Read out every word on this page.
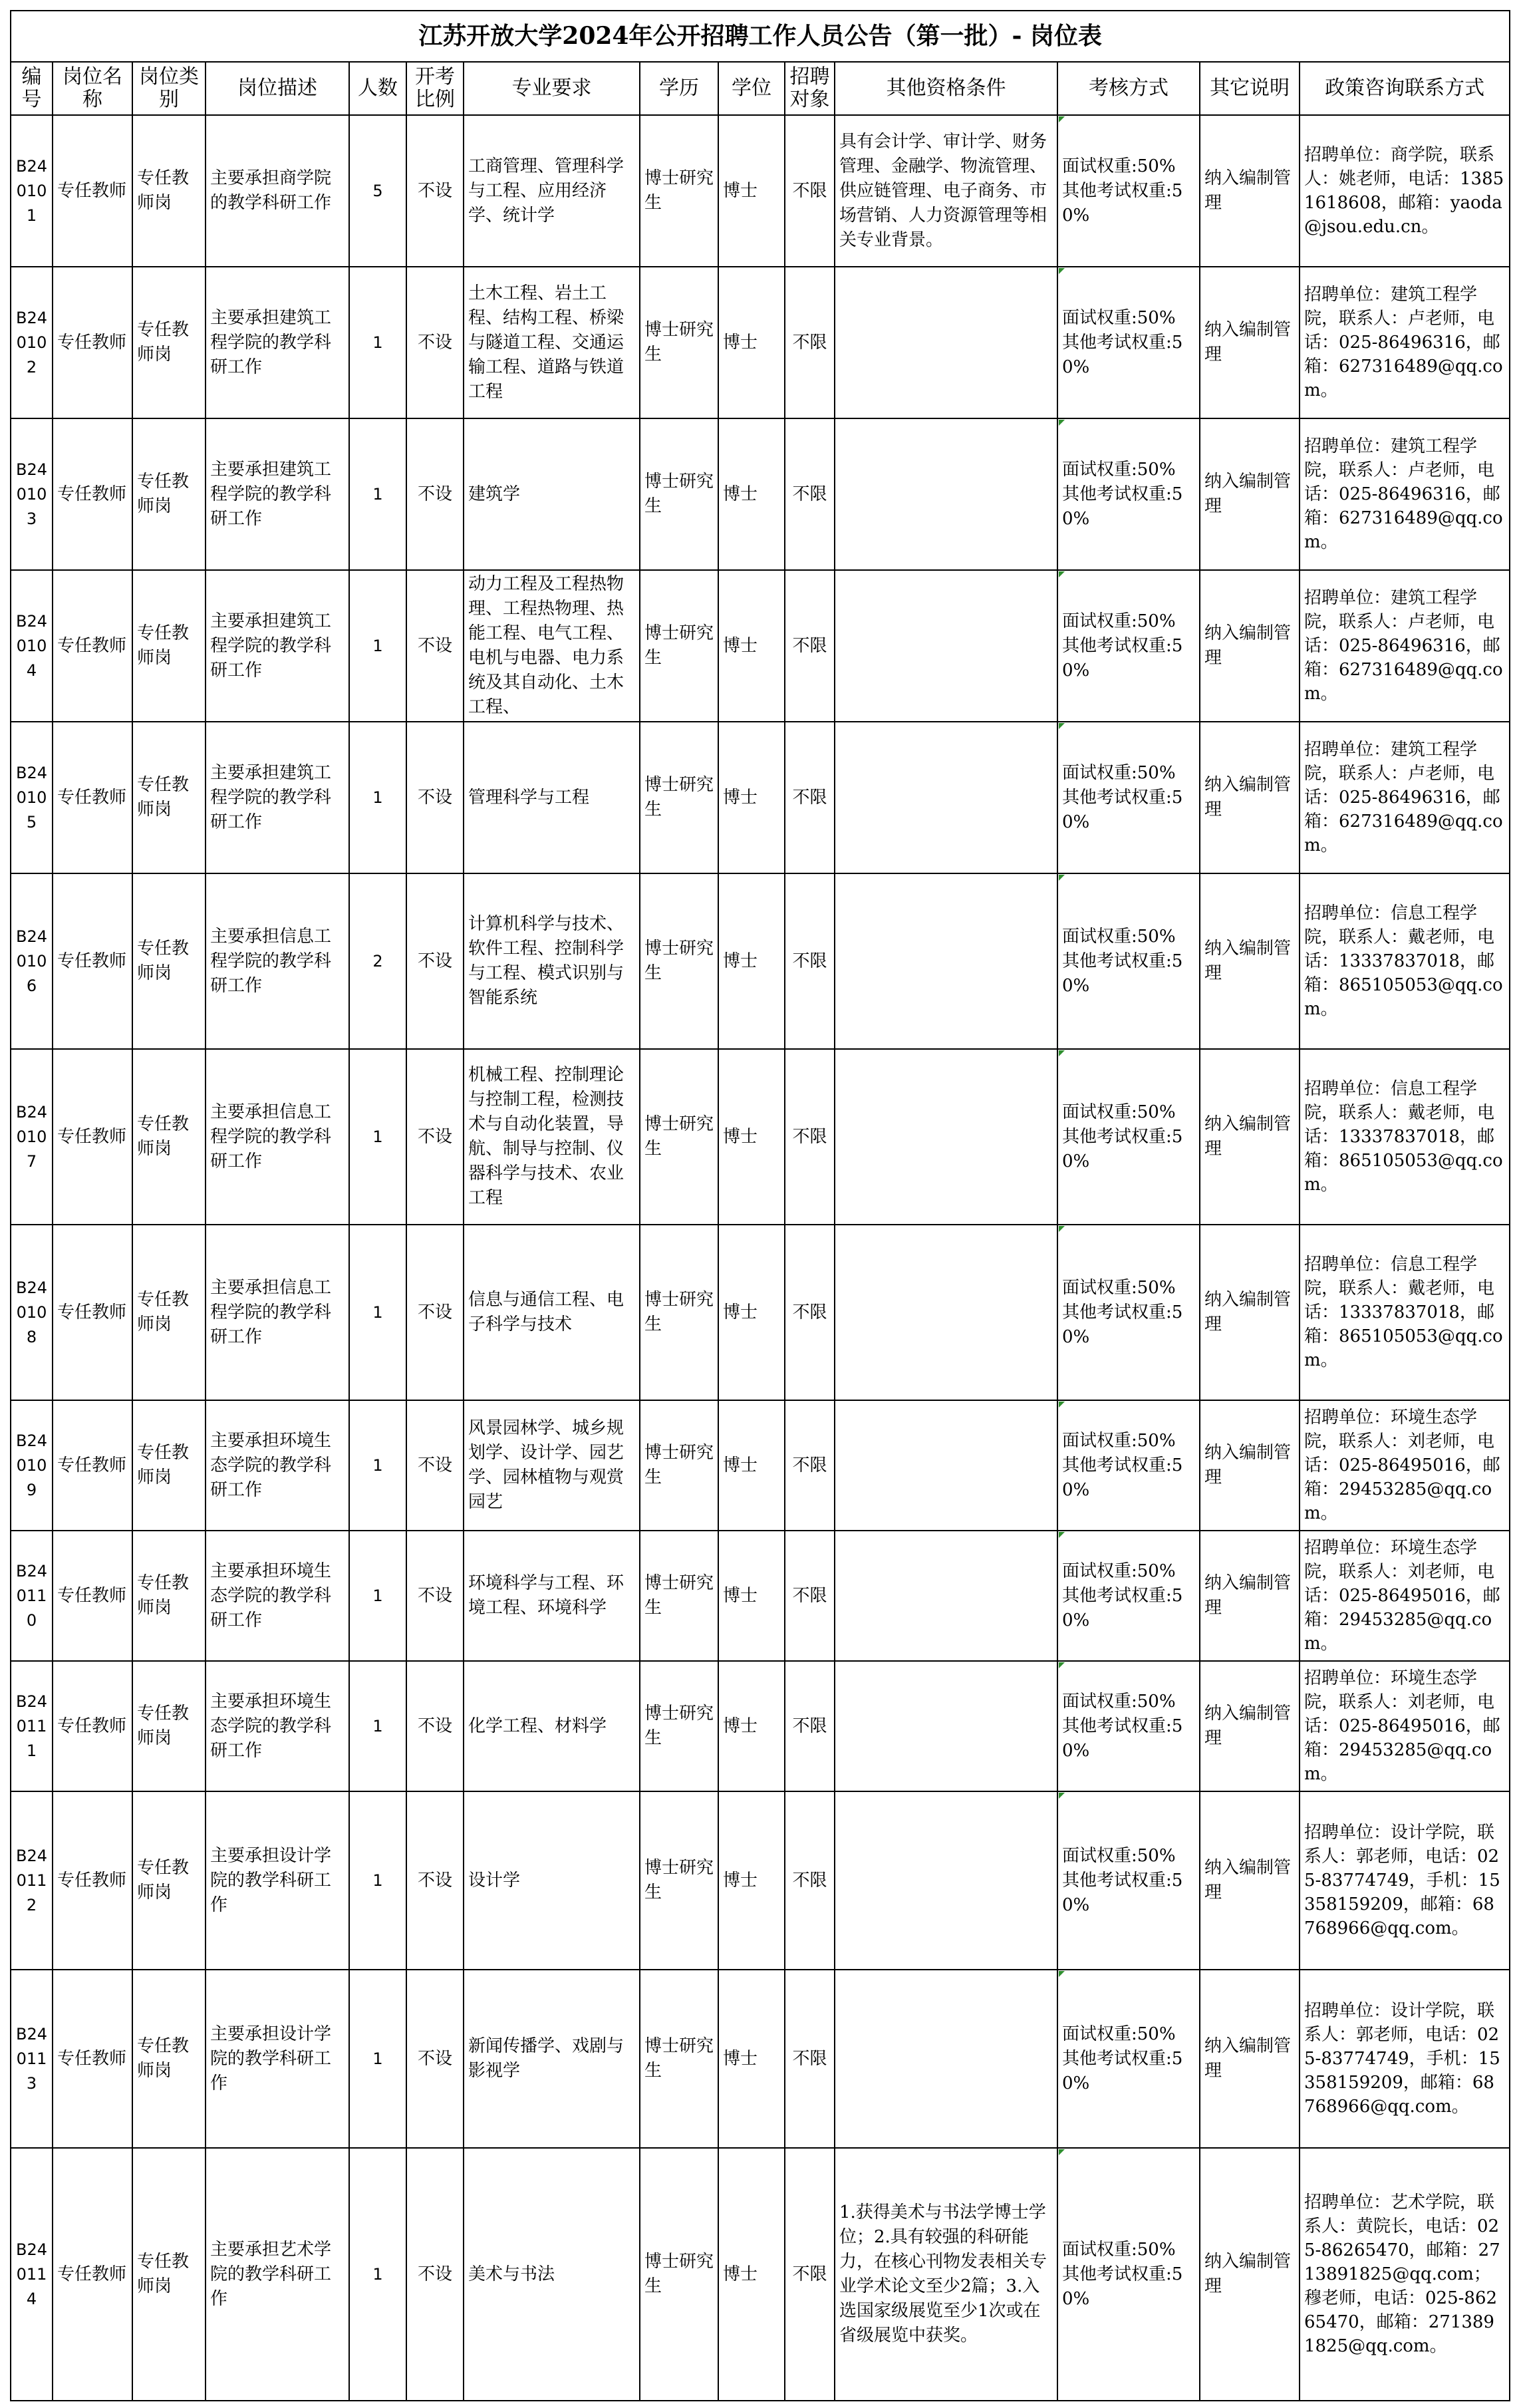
江苏开放大学2024年公开招聘工作人员公告（第一批）- 岗位表													
编号	岗位名称	岗位类别	岗位描述	人数	开考比例	专业要求	学历	学位	招聘对象	其他资格条件	考核方式	其它说明	政策咨询联系方式
B240101	专任教师	专任教师岗	主要承担商学院的教学科研工作	5	不设	工商管理、管理科学与工程、应用经济学、统计学	博士研究生	博士	不限	具有会计学、审计学、财务管理、金融学、物流管理、供应链管理、电子商务、市场营销、人力资源管理等相关专业背景。	面试权重:50% 其他考试权重:50%	纳入编制管理	招聘单位：商学院，联系人：姚老师，电话：13851618608，邮箱：yaoda@jsou.edu.cn。
B240102	专任教师	专任教师岗	主要承担建筑工程学院的教学科研工作	1	不设	土木工程、岩土工程、结构工程、桥梁与隧道工程、交通运输工程、道路与铁道工程	博士研究生	博士	不限		面试权重:50% 其他考试权重:50%	纳入编制管理	招聘单位：建筑工程学院，联系人：卢老师，电话：025-86496316，邮箱：627316489@qq.com。
B240103	专任教师	专任教师岗	主要承担建筑工程学院的教学科研工作	1	不设	建筑学	博士研究生	博士	不限		面试权重:50% 其他考试权重:50%	纳入编制管理	招聘单位：建筑工程学院，联系人：卢老师，电话：025-86496316，邮箱：627316489@qq.com。
B240104	专任教师	专任教师岗	主要承担建筑工程学院的教学科研工作	1	不设	动力工程及工程热物理、工程热物理、热能工程、电气工程、电机与电器、电力系统及其自动化、土木工程、	博士研究生	博士	不限		面试权重:50% 其他考试权重:50%	纳入编制管理	招聘单位：建筑工程学院，联系人：卢老师，电话：025-86496316，邮箱：627316489@qq.com。
B240105	专任教师	专任教师岗	主要承担建筑工程学院的教学科研工作	1	不设	管理科学与工程	博士研究生	博士	不限		面试权重:50% 其他考试权重:50%	纳入编制管理	招聘单位：建筑工程学院，联系人：卢老师，电话：025-86496316，邮箱：627316489@qq.com。
B240106	专任教师	专任教师岗	主要承担信息工程学院的教学科研工作	2	不设	计算机科学与技术、软件工程、控制科学与工程、模式识别与智能系统	博士研究生	博士	不限		面试权重:50% 其他考试权重:50%	纳入编制管理	招聘单位：信息工程学院，联系人：戴老师，电话：13337837018，邮箱：865105053@qq.com。
B240107	专任教师	专任教师岗	主要承担信息工程学院的教学科研工作	1	不设	机械工程、控制理论与控制工程，检测技术与自动化装置，导航、制导与控制、仪器科学与技术、农业工程	博士研究生	博士	不限		面试权重:50% 其他考试权重:50%	纳入编制管理	招聘单位：信息工程学院，联系人：戴老师，电话：13337837018，邮箱：865105053@qq.com。
B240108	专任教师	专任教师岗	主要承担信息工程学院的教学科研工作	1	不设	信息与通信工程、电子科学与技术	博士研究生	博士	不限		面试权重:50% 其他考试权重:50%	纳入编制管理	招聘单位：信息工程学院，联系人：戴老师，电话：13337837018，邮箱：865105053@qq.com。
B240109	专任教师	专任教师岗	主要承担环境生态学院的教学科研工作	1	不设	风景园林学、城乡规划学、设计学、园艺学、园林植物与观赏园艺	博士研究生	博士	不限		面试权重:50% 其他考试权重:50%	纳入编制管理	招聘单位：环境生态学院，联系人：刘老师，电话：025-86495016，邮箱：29453285@qq.com。
B240110	专任教师	专任教师岗	主要承担环境生态学院的教学科研工作	1	不设	环境科学与工程、环境工程、环境科学	博士研究生	博士	不限		面试权重:50% 其他考试权重:50%	纳入编制管理	招聘单位：环境生态学院，联系人：刘老师，电话：025-86495016，邮箱：29453285@qq.com。
B240111	专任教师	专任教师岗	主要承担环境生态学院的教学科研工作	1	不设	化学工程、材料学	博士研究生	博士	不限		面试权重:50% 其他考试权重:50%	纳入编制管理	招聘单位：环境生态学院，联系人：刘老师，电话：025-86495016，邮箱：29453285@qq.com。
B240112	专任教师	专任教师岗	主要承担设计学院的教学科研工作	1	不设	设计学	博士研究生	博士	不限		面试权重:50% 其他考试权重:50%	纳入编制管理	招聘单位：设计学院，联系人：郭老师，电话：025-83774749，手机：15358159209，邮箱：68768966@qq.com。
B240113	专任教师	专任教师岗	主要承担设计学院的教学科研工作	1	不设	新闻传播学、戏剧与影视学	博士研究生	博士	不限		面试权重:50% 其他考试权重:50%	纳入编制管理	招聘单位：设计学院，联系人：郭老师，电话：025-83774749，手机：15358159209，邮箱：68768966@qq.com。
B240114	专任教师	专任教师岗	主要承担艺术学院的教学科研工作	1	不设	美术与书法	博士研究生	博士	不限	1.获得美术与书法学博士学位；2.具有较强的科研能力，在核心刊物发表相关专业学术论文至少2篇；3.入选国家级展览至少1次或在省级展览中获奖。	面试权重:50% 其他考试权重:50%	纳入编制管理	招聘单位：艺术学院，联系人：黄院长，电话：025-86265470，邮箱：2713891825@qq.com；穆老师，电话：025-86265470，邮箱：2713891825@qq.com。
